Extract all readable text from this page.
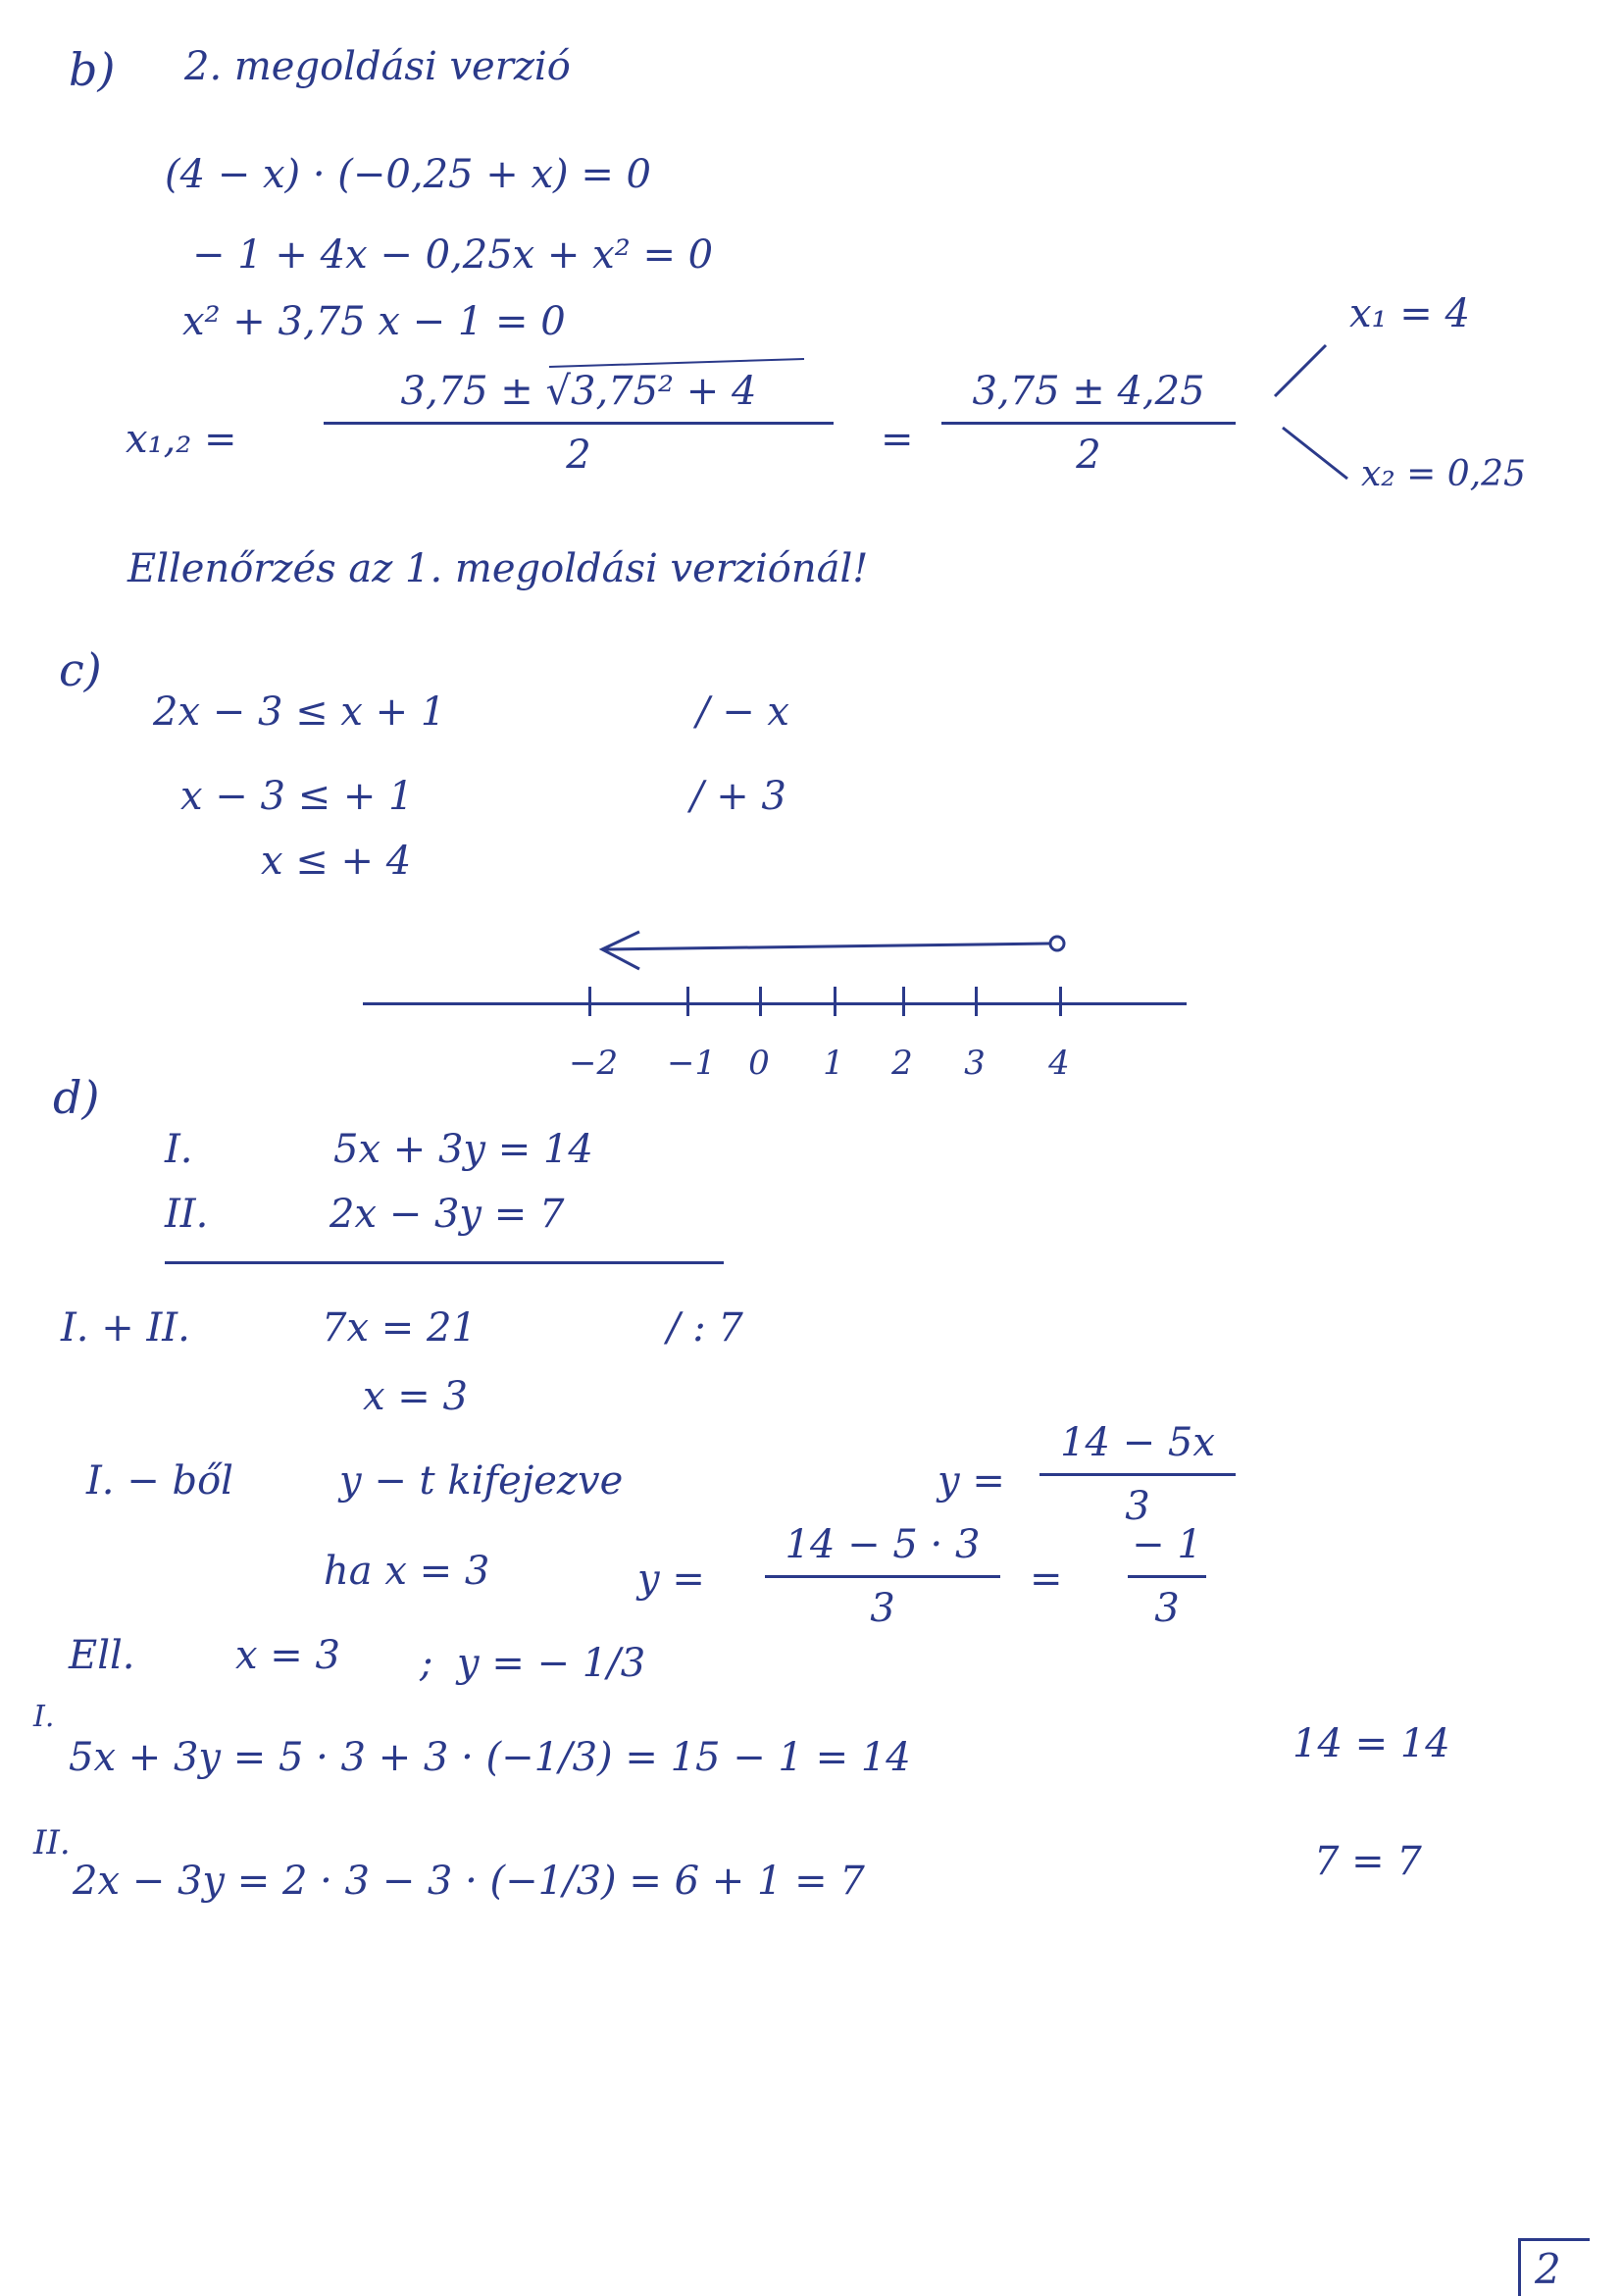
b) 2. megoldási verzió
(4 − x) · (−0,25 + x) = 0
− 1 + 4x − 0,25x + x² = 0
x² + 3,75 x − 1 = 0
x₁,₂ =
3,75 ± √3,75² + 4
2	=
3,75 ± 4,25
2
x₁ = 4
x₂ = 0,25
Ellenőrzés az 1. megoldási verziónál!
c)
2x − 3 ≤ x + 1	/ − x
x − 3 ≤ + 1	/ + 3
x ≤ + 4
−2 −1 0 1 2 3 4
d)
I.	5x + 3y = 14
II.	2x − 3y = 7
I. + II.	7x = 21	/ : 7
x = 3
I. − ből	y − t kifejezve	y =
14 − 5x
3
ha x = 3	y =
14 − 5 · 3
3
=
− 1
3
Ell.	x = 3 ; y = − 1/3
I.
5x + 3y = 5 · 3 + 3 · (−1/3) = 15 − 1 = 14	14 = 14
II.
2x − 3y = 2 · 3 − 3 · (−1/3) = 6 + 1 = 7	7 = 7
2
